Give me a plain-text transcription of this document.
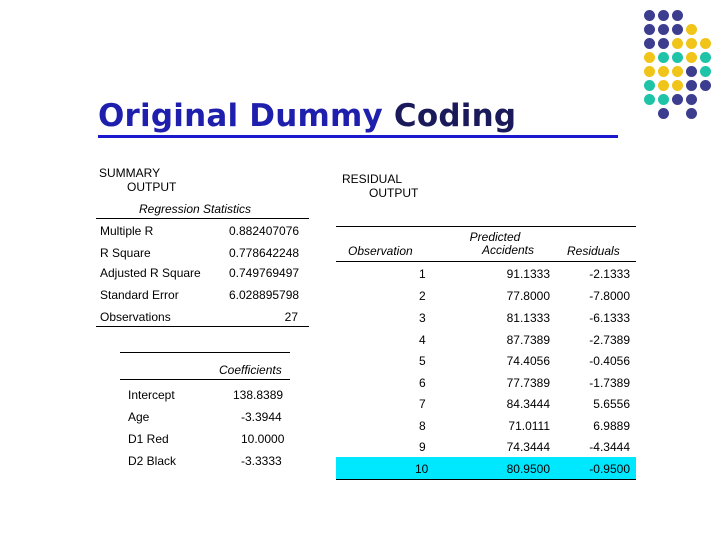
Original Dummy Coding
SUMMARY
OUTPUT
RESIDUAL
OUTPUT
Regression Statistics
Multiple R	0.882407076
R Square	0.778642248
Adjusted R Square 0.749769497
Standard Error	6.028895798
Observations	27
Coefficients
Intercept	138.8389
Age	-3.3944
D1 Red	10.0000
D2 Black	-3.3333
Observation
Predicted
Accidents	Residuals
1	91.1333	-2.1333
2	77.8000	-7.8000
3	81.1333	-6.1333
4	87.7389	-2.7389
5	74.4056	-0.4056
6	77.7389	-1.7389
7	84.3444	5.6556
8	71.0111	6.9889
9	74.3444	-4.3444
10	80.9500	-0.9500
